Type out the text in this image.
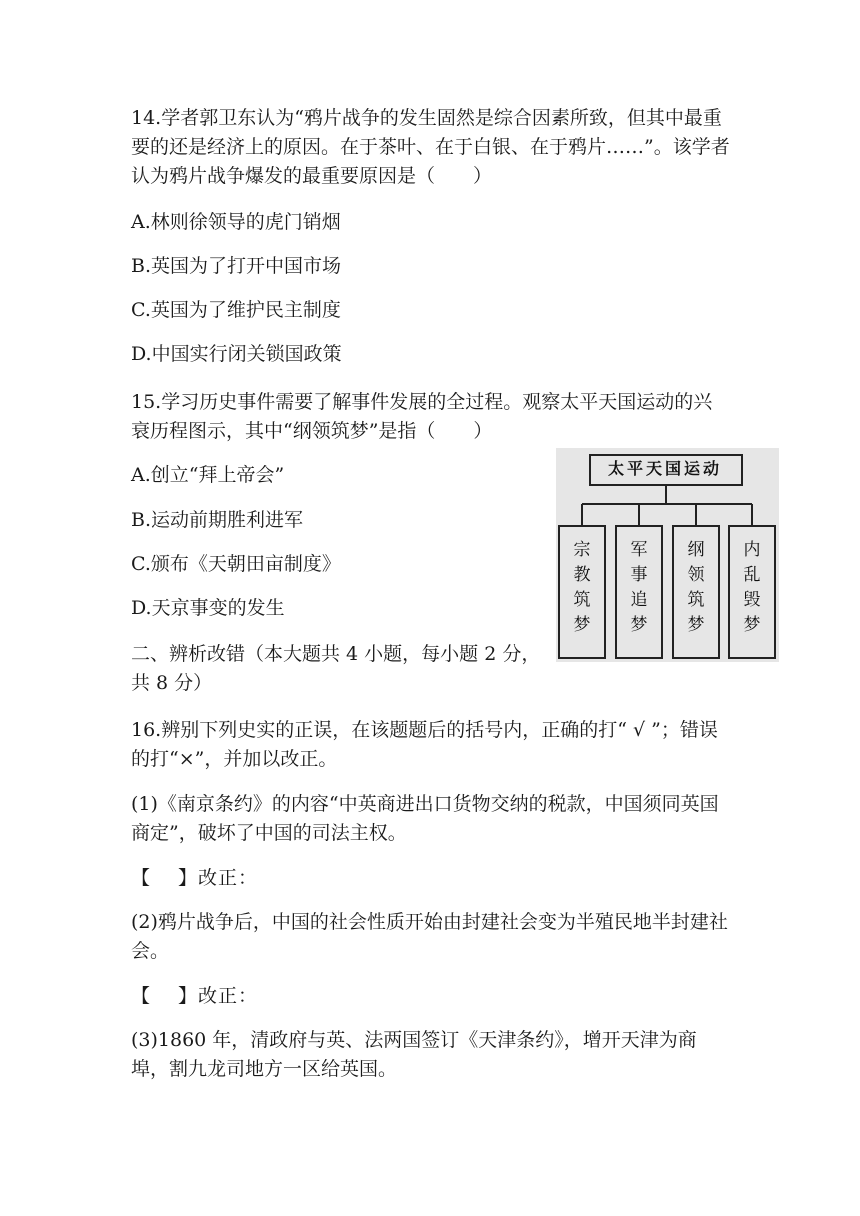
14.学者郭卫东认为“鸦片战争的发生固然是综合因素所致，但其中最重要的还是经济上的原因。在于茶叶、在于白银、在于鸦片……”。该学者认为鸦片战争爆发的最重要原因是（　　）

A.林则徐领导的虎门销烟

B.英国为了打开中国市场

C.英国为了维护民主制度

D.中国实行闭关锁国政策

15.学习历史事件需要了解事件发展的全过程。观察太平天国运动的兴衰历程图示，其中“纲领筑梦”是指（　　）

A.创立“拜上帝会”

B.运动前期胜利进军

C.颁布《天朝田亩制度》

D.天京事变的发生

太平天国运动
宗
教
筑
梦
军
事
追
梦
纲
领
筑
梦
内
乱
毁
梦

二、辨析改错（本大题共 4 小题，每小题 2 分，共 8 分）

16.辨别下列史实的正误，在该题题后的括号内，正确的打“ √ ”；错误的打“×”，并加以改正。

(1)《南京条约》的内容“中英商进出口货物交纳的税款，中国须同英国商定”，破坏了中国的司法主权。

【　 】改正：

(2)鸦片战争后，中国的社会性质开始由封建社会变为半殖民地半封建社会。

【　 】改正：

(3)1860 年，清政府与英、法两国签订《天津条约》，增开天津为商埠，割九龙司地方一区给英国。
